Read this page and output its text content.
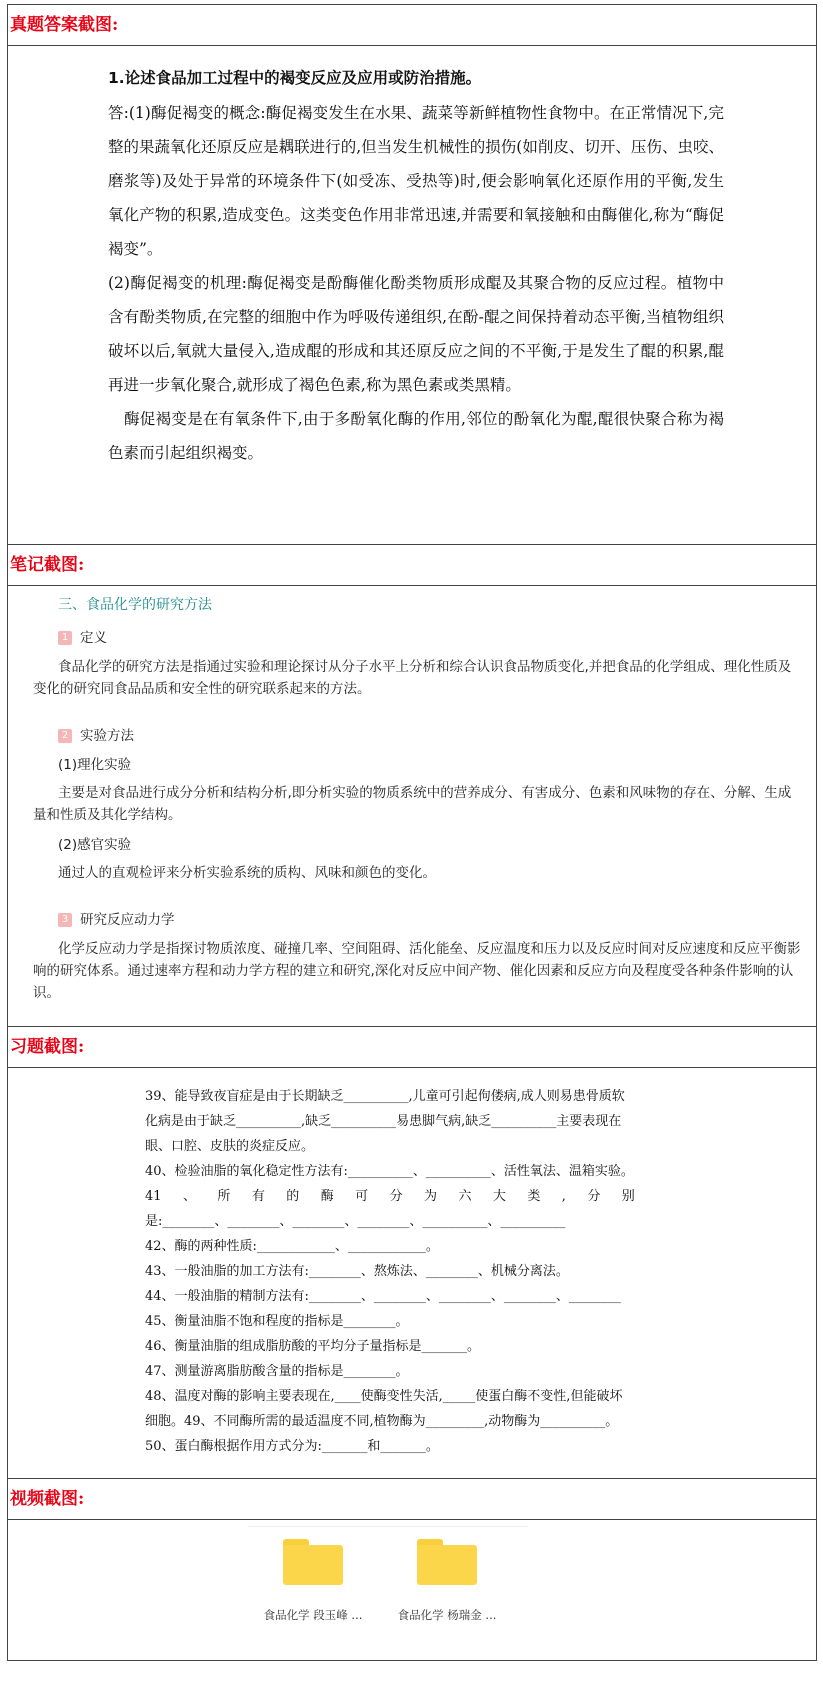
真题答案截图:
1.论述食品加工过程中的褐变反应及应用或防治措施。

答:(1)酶促褐变的概念:酶促褐变发生在水果、蔬菜等新鲜植物性食物中。在正常情况下,完整的果蔬氧化还原反应是耦联进行的,但当发生机械性的损伤(如削皮、切开、压伤、虫咬、磨浆等)及处于异常的环境条件下(如受冻、受热等)时,便会影响氧化还原作用的平衡,发生氧化产物的积累,造成变色。这类变色作用非常迅速,并需要和氧接触和由酶催化,称为“酶促褐变”。

(2)酶促褐变的机理:酶促褐变是酚酶催化酚类物质形成醌及其聚合物的反应过程。植物中含有酚类物质,在完整的细胞中作为呼吸传递组织,在酚-醌之间保持着动态平衡,当植物组织破坏以后,氧就大量侵入,造成醌的形成和其还原反应之间的不平衡,于是发生了醌的积累,醌再进一步氧化聚合,就形成了褐色色素,称为黑色素或类黑精。

酶促褐变是在有氧条件下,由于多酚氧化酶的作用,邻位的酚氧化为醌,醌很快聚合称为褐色素而引起组织褐变。

笔记截图:
三、食品化学的研究方法
1 定义
食品化学的研究方法是指通过实验和理论探讨从分子水平上分析和综合认识食品物质变化,并把食品的化学组成、理化性质及变化的研究同食品品质和安全性的研究联系起来的方法。
2 实验方法
(1)理化实验
主要是对食品进行成分分析和结构分析,即分析实验的物质系统中的营养成分、有害成分、色素和风味物的存在、分解、生成量和性质及其化学结构。
(2)感官实验
通过人的直观检评来分析实验系统的质构、风味和颜色的变化。
3 研究反应动力学
化学反应动力学是指探讨物质浓度、碰撞几率、空间阻碍、活化能垒、反应温度和压力以及反应时间对反应速度和反应平衡影响的研究体系。通过速率方程和动力学方程的建立和研究,深化对反应中间产物、催化因素和反应方向及程度受各种条件影响的认识。
习题截图:

39、能导致夜盲症是由于长期缺乏__________,儿童可引起佝偻病,成人则易患骨质软

化病是由于缺乏__________,缺乏__________易患脚气病,缺乏__________主要表现在

眼、口腔、皮肤的炎症反应。

40、检验油脂的氧化稳定性方法有:__________、__________、活性氧法、温箱实验。

41 、 所 有 的 酶 可 分 为 六 大 类 , 分 别

是:________、________、________、________、__________、__________

42、酶的两种性质:____________、____________。

43、一般油脂的加工方法有:________、熬炼法、________、机械分离法。

44、一般油脂的精制方法有:________、________、________、________、________

45、衡量油脂不饱和程度的指标是________。

46、衡量油脂的组成脂肪酸的平均分子量指标是_______。

47、测量游离脂肪酸含量的指标是________。

48、温度对酶的影响主要表现在,____使酶变性失活,_____使蛋白酶不变性,但能破坏

细胞。49、不同酶所需的最适温度不同,植物酶为_________,动物酶为__________。

50、蛋白酶根据作用方式分为:_______和_______。

视频截图:
食品化学 段玉峰 ...	食品化学 杨瑞金 ...
